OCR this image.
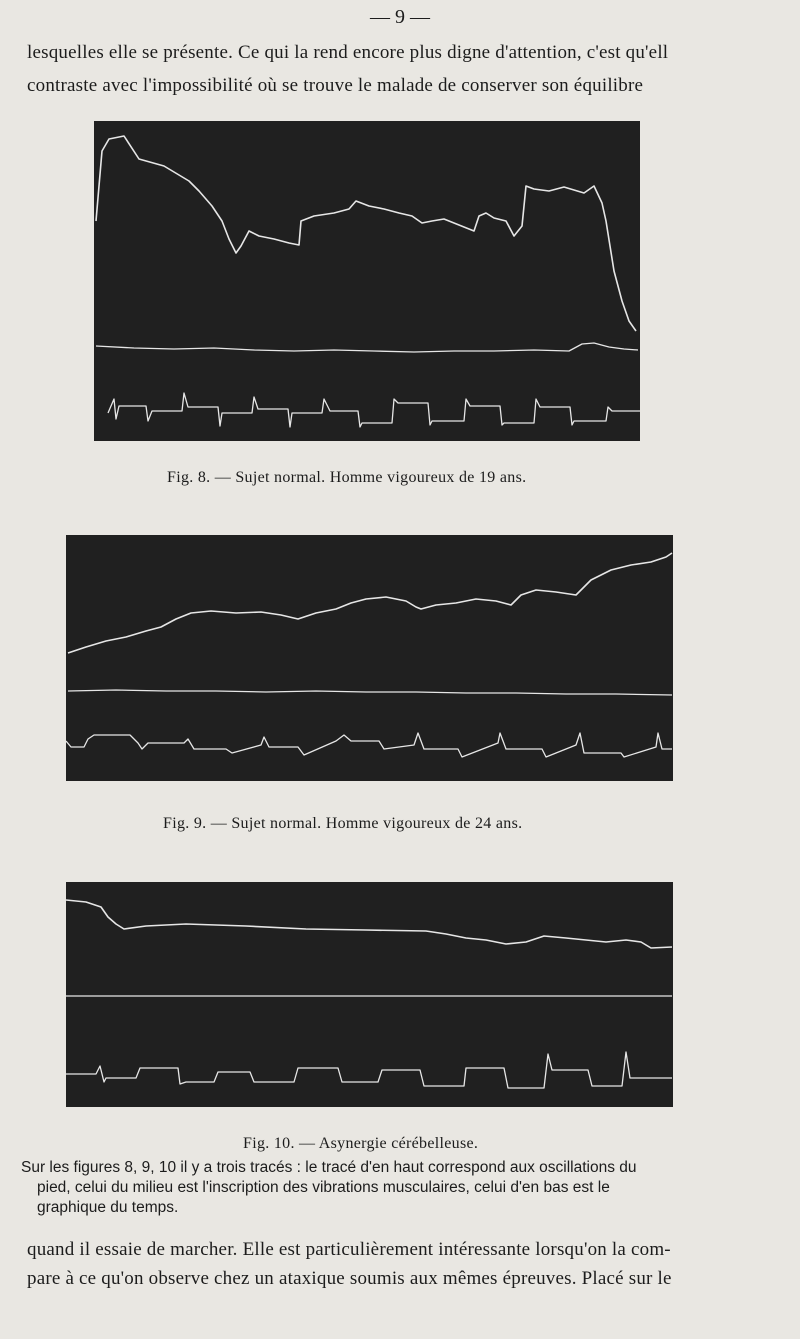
— 9 —
lesquelles elle se présente. Ce qui la rend encore plus digne d'attention, c'est qu'ell
contraste avec l'impossibilité où se trouve le malade de conserver son équilibre
Fig. 8. — Sujet normal. Homme vigoureux de 19 ans.
Fig. 9. — Sujet normal. Homme vigoureux de 24 ans.
Fig. 10. — Asynergie cérébelleuse.
Sur les figures 8, 9, 10 il y a trois tracés : le tracé d'en haut correspond aux oscillations du
pied, celui du milieu est l'inscription des vibrations musculaires, celui d'en bas est le
graphique du temps.
quand il essaie de marcher. Elle est particulièrement intéressante lorsqu'on la com-
pare à ce qu'on observe chez un ataxique soumis aux mêmes épreuves. Placé sur le
